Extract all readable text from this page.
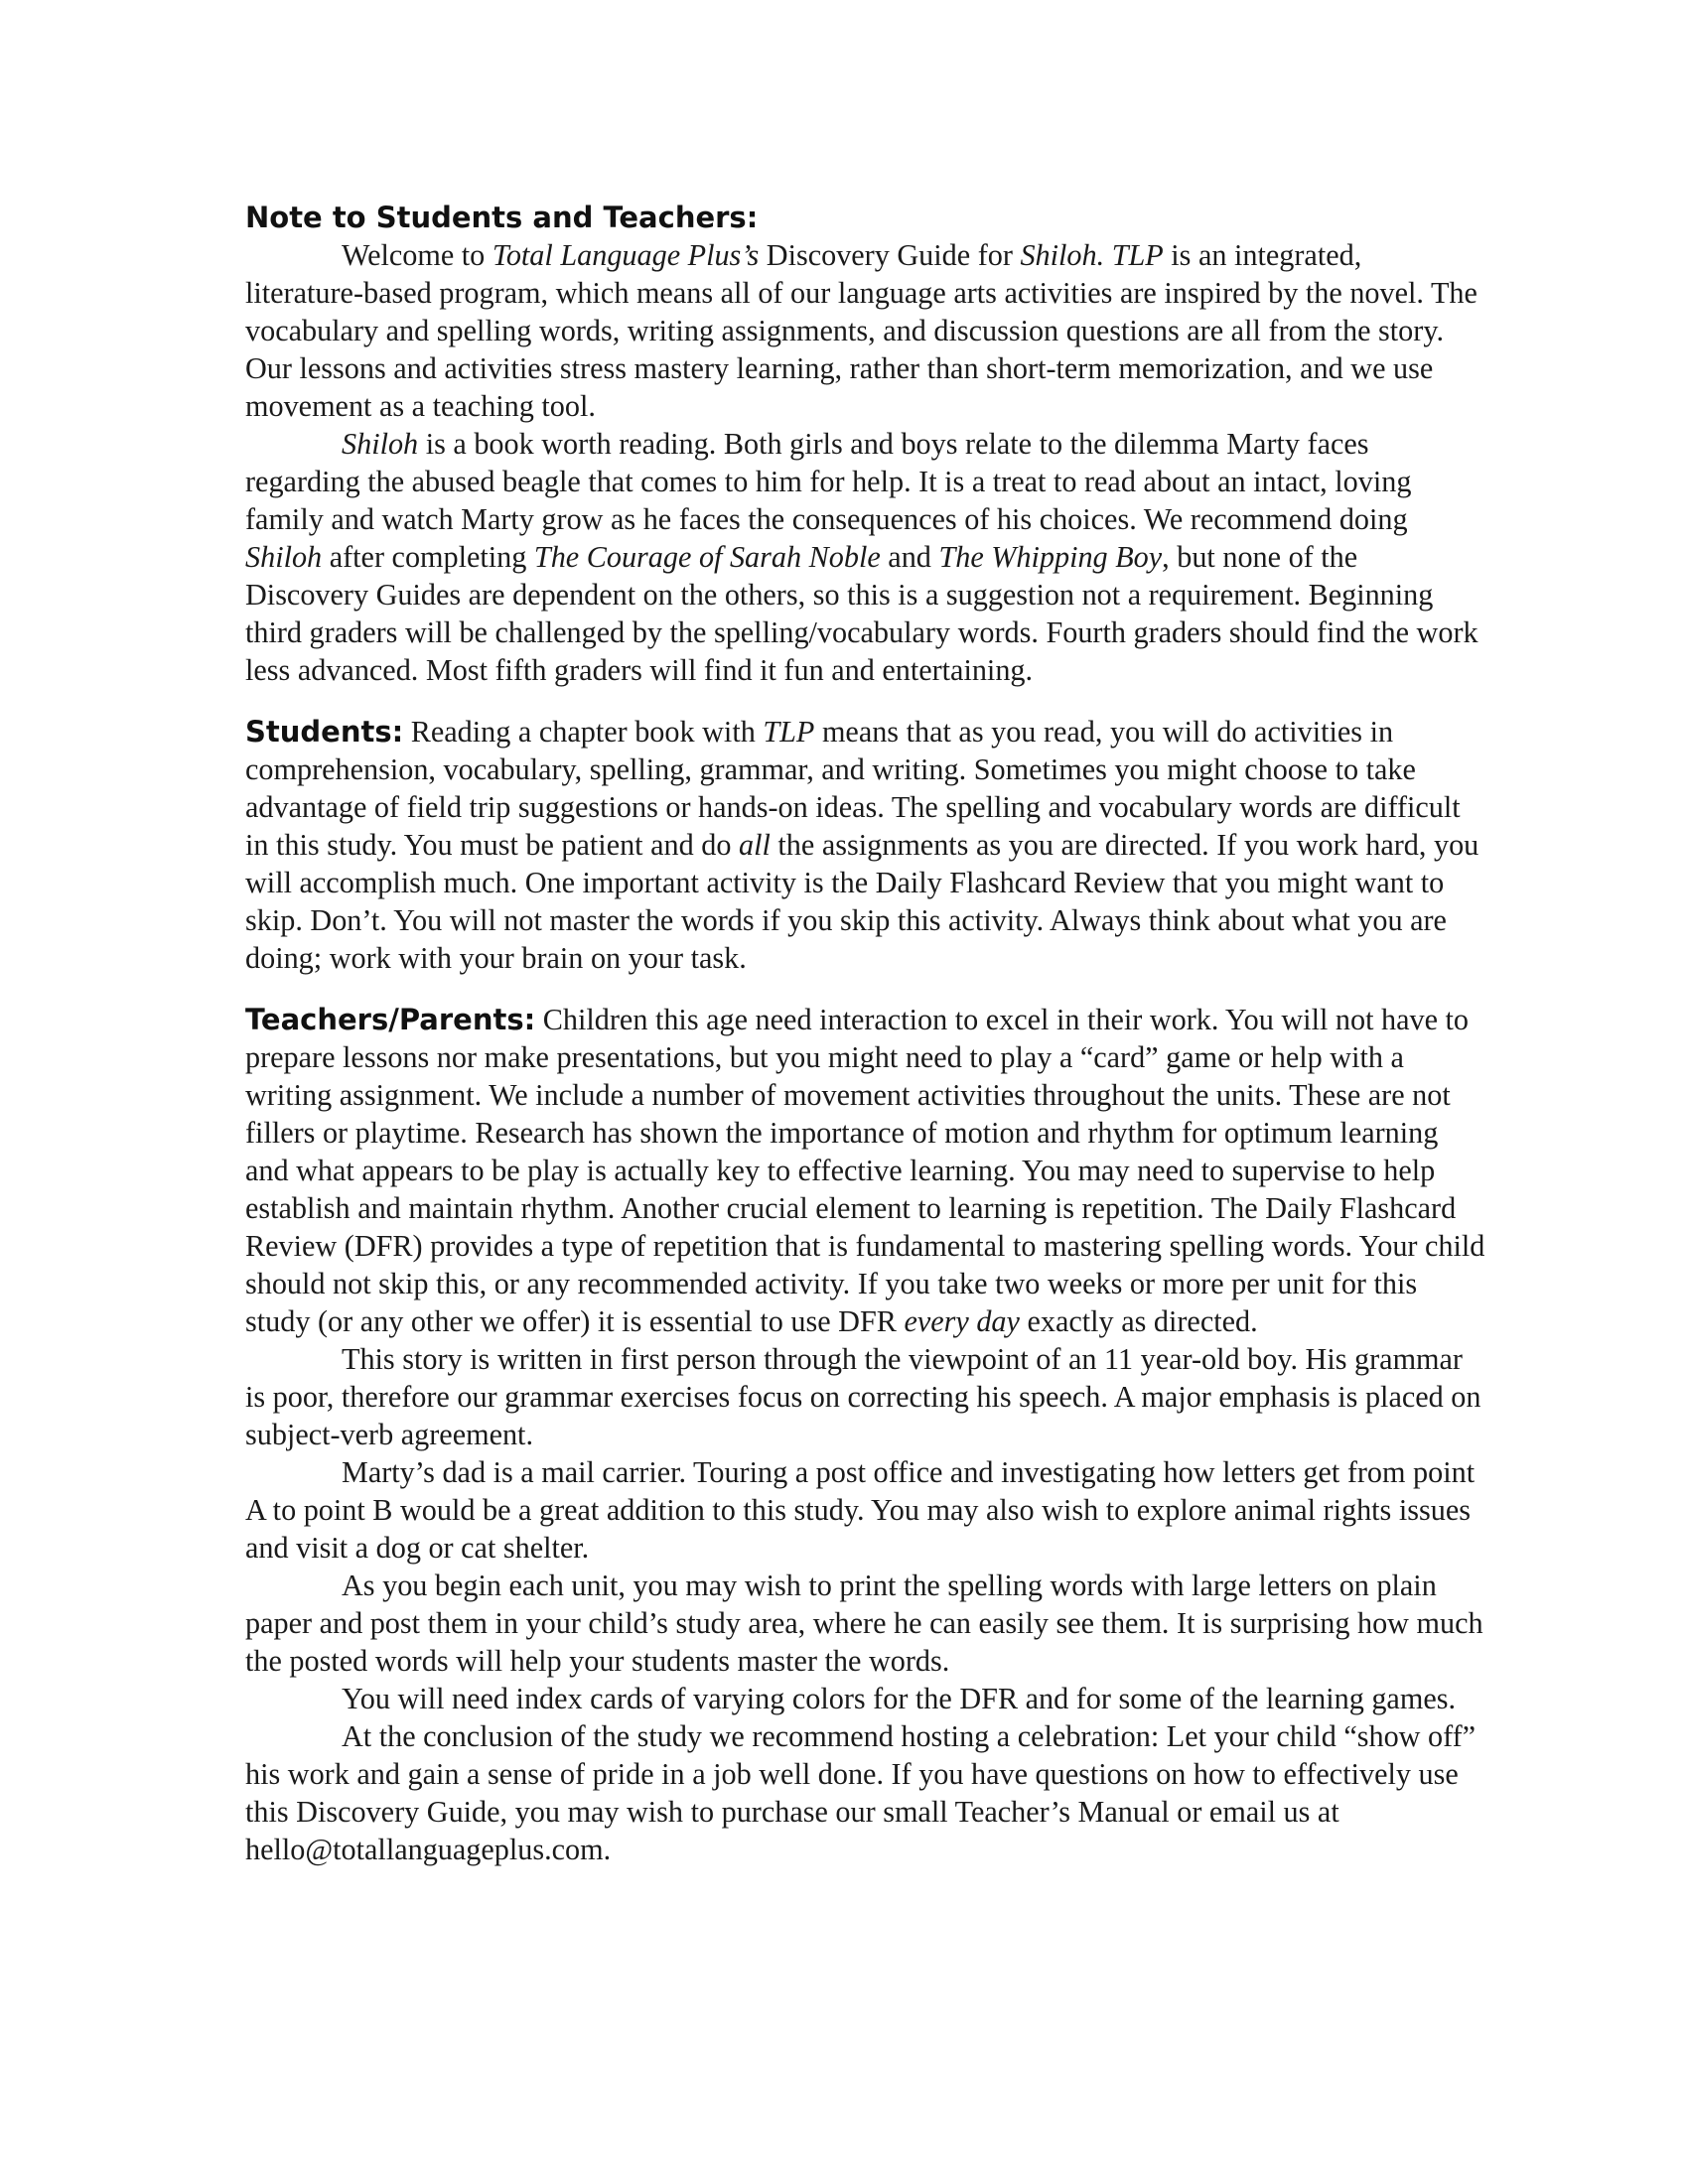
Note to Students and Teachers:

Welcome to Total Language Plus’s Discovery Guide for Shiloh. TLP is an integrated, literature-based program, which means all of our language arts activities are inspired by the novel. The vocabulary and spelling words, writing assignments, and discussion questions are all from the story. Our lessons and activities stress mastery learning, rather than short-term memorization, and we use movement as a teaching tool.

Shiloh is a book worth reading. Both girls and boys relate to the dilemma Marty faces regarding the abused beagle that comes to him for help. It is a treat to read about an intact, loving family and watch Marty grow as he faces the consequences of his choices. We recommend doing Shiloh after completing The Courage of Sarah Noble and The Whipping Boy, but none of the Discovery Guides are dependent on the others, so this is a suggestion not a requirement. Beginning third graders will be challenged by the spelling/vocabulary words. Fourth graders should find the work less advanced. Most fifth graders will find it fun and entertaining.

Students: Reading a chapter book with TLP means that as you read, you will do activities in comprehension, vocabulary, spelling, grammar, and writing. Sometimes you might choose to take advantage of field trip suggestions or hands-on ideas. The spelling and vocabulary words are difficult in this study. You must be patient and do all the assignments as you are directed. If you work hard, you will accomplish much. One important activity is the Daily Flashcard Review that you might want to skip. Don’t. You will not master the words if you skip this activity. Always think about what you are doing; work with your brain on your task.

Teachers/Parents: Children this age need interaction to excel in their work. You will not have to prepare lessons nor make presentations, but you might need to play a “card” game or help with a writing assignment. We include a number of movement activities throughout the units. These are not fillers or playtime. Research has shown the importance of motion and rhythm for optimum learning and what appears to be play is actually key to effective learning. You may need to supervise to help establish and maintain rhythm. Another crucial element to learning is repetition. The Daily Flashcard Review (DFR) provides a type of repetition that is fundamental to mastering spelling words. Your child should not skip this, or any recommended activity. If you take two weeks or more per unit for this study (or any other we offer) it is essential to use DFR every day exactly as directed.

This story is written in first person through the viewpoint of an 11 year-old boy. His grammar is poor, therefore our grammar exercises focus on correcting his speech. A major emphasis is placed on subject-verb agreement.

Marty’s dad is a mail carrier. Touring a post office and investigating how letters get from point A to point B would be a great addition to this study. You may also wish to explore animal rights issues and visit a dog or cat shelter.

As you begin each unit, you may wish to print the spelling words with large letters on plain paper and post them in your child’s study area, where he can easily see them. It is surprising how much the posted words will help your students master the words.

You will need index cards of varying colors for the DFR and for some of the learning games.

At the conclusion of the study we recommend hosting a celebration: Let your child “show off” his work and gain a sense of pride in a job well done. If you have questions on how to effectively use this Discovery Guide, you may wish to purchase our small Teacher’s Manual or email us at hello@totallanguageplus.com.
